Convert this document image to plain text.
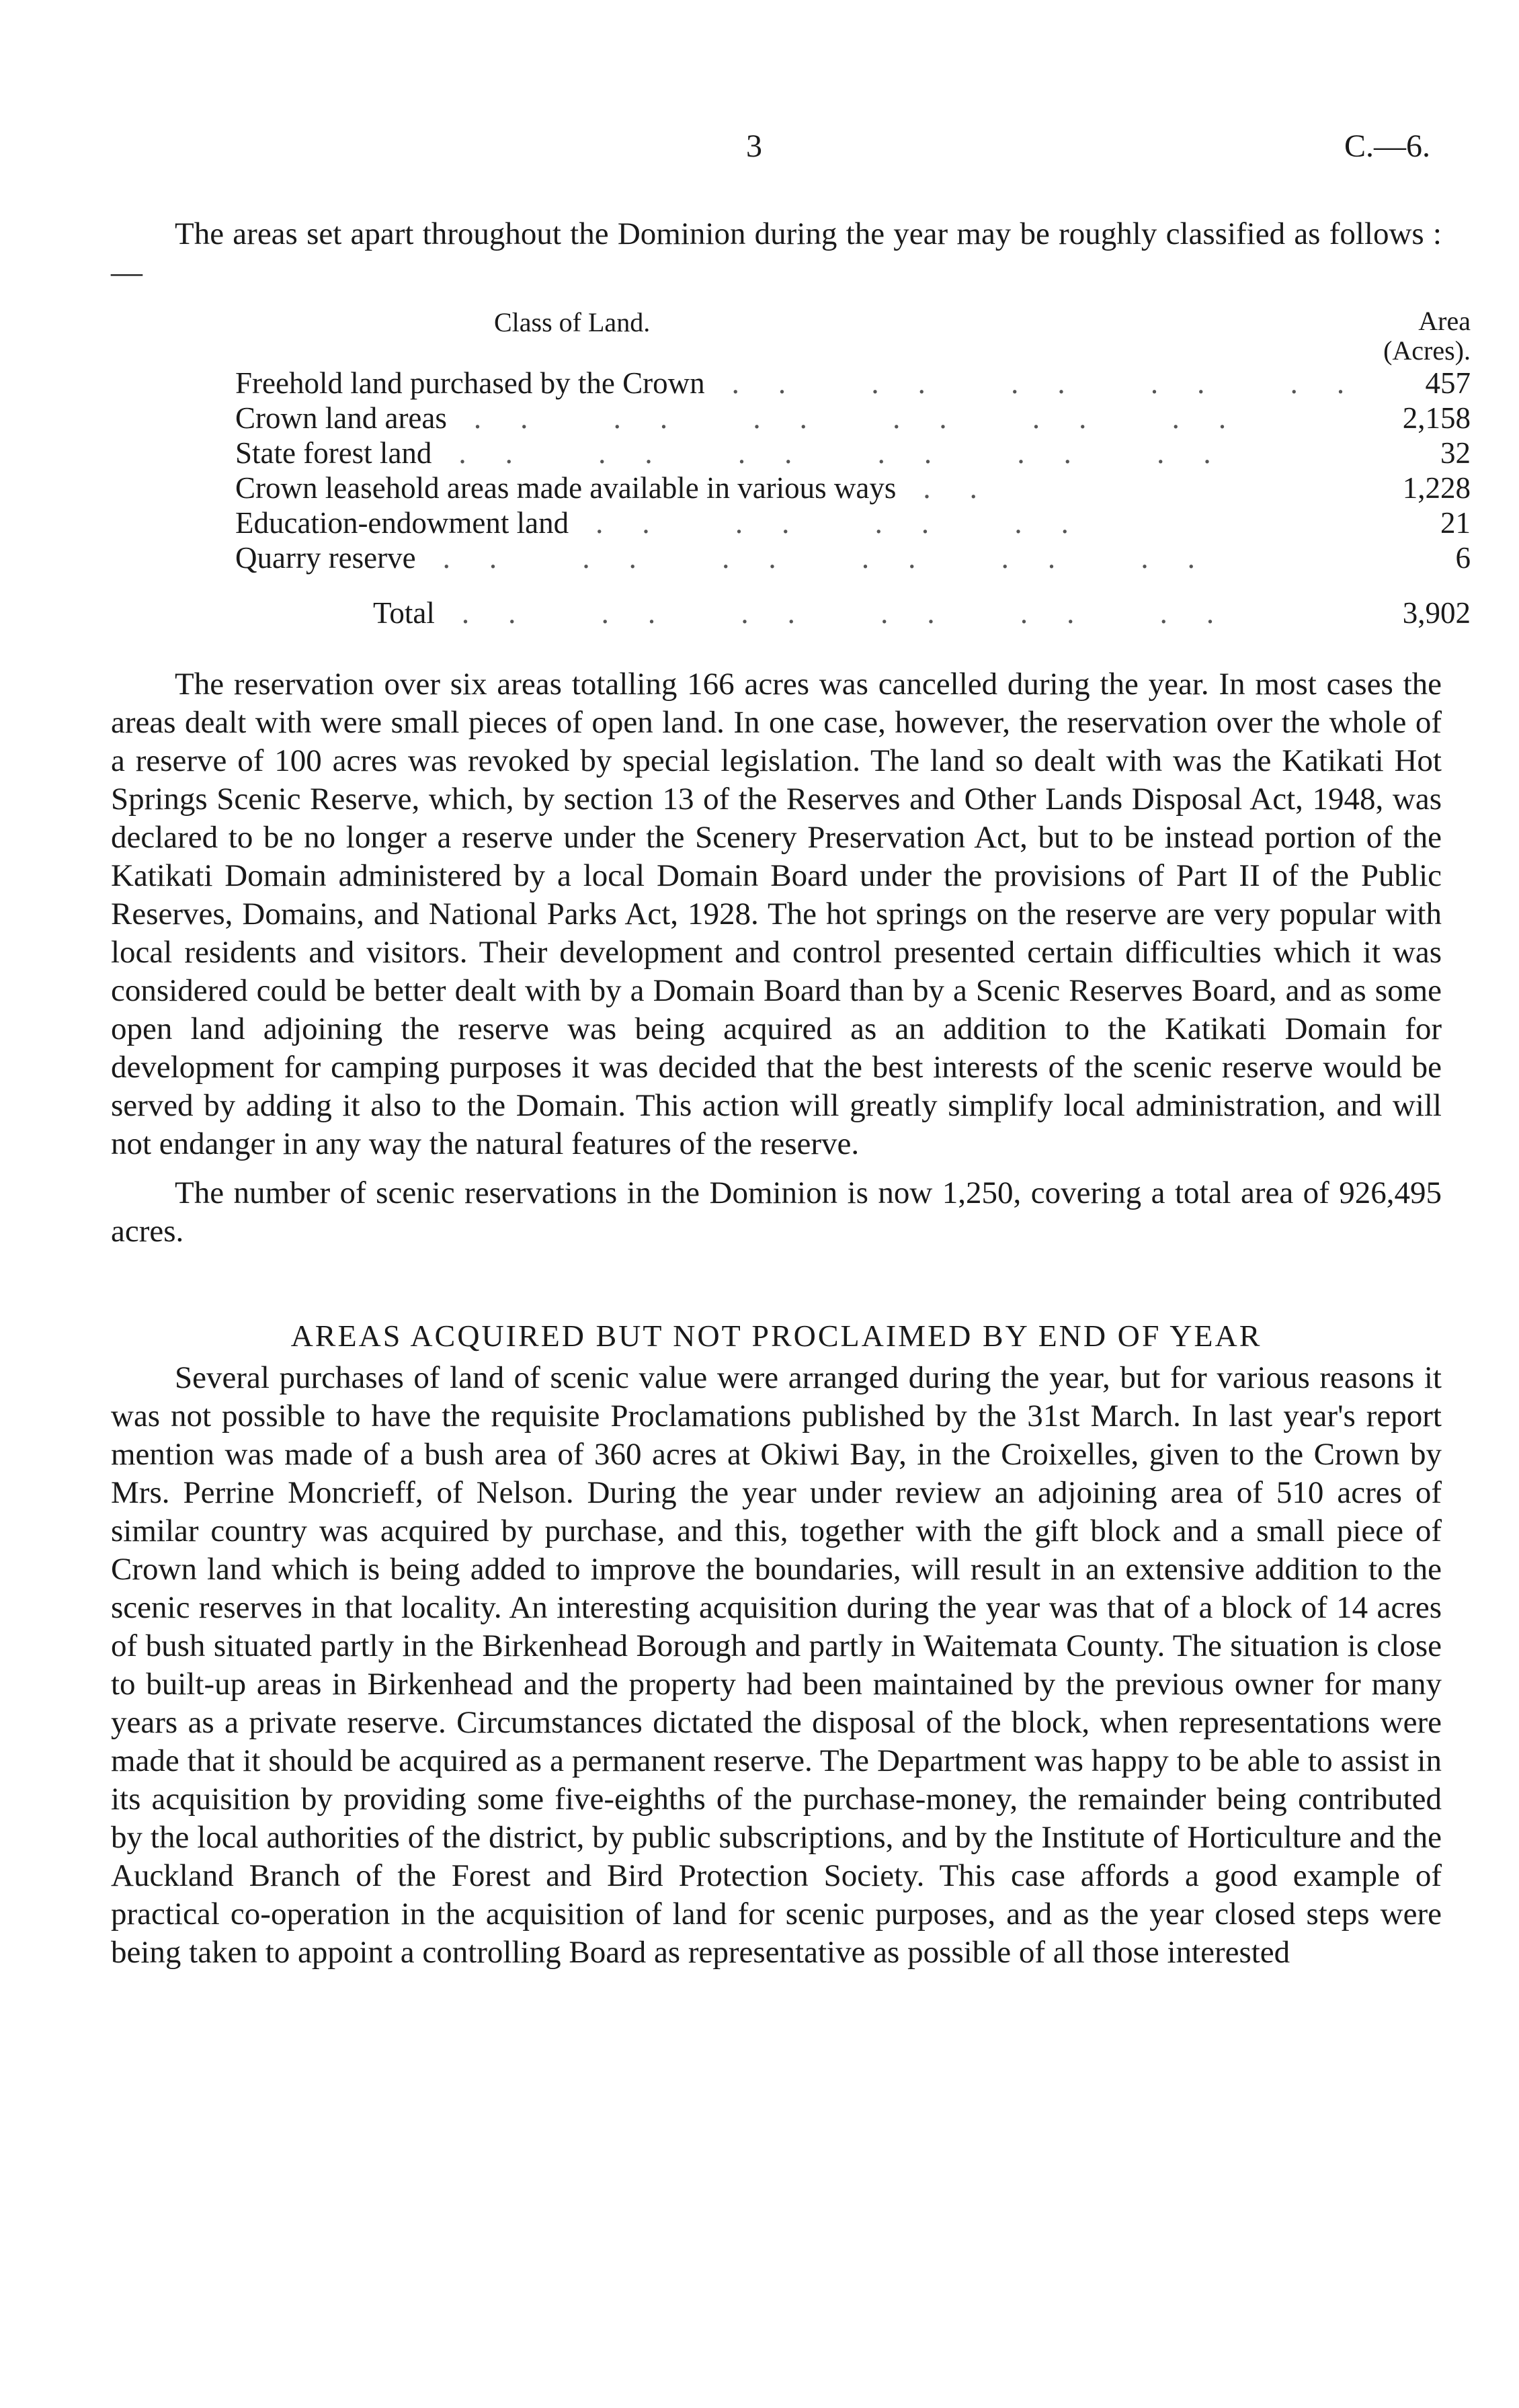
3	C.—6.

The areas set apart throughout the Dominion during the year may be roughly classified as follows :—

Class of Land.	Area (Acres).
Freehold land purchased by the Crown .. .. .. .. ..	457
Crown land areas .. .. .. .. .. ..	2,158
State forest land .. .. .. .. .. ..	32
Crown leasehold areas made available in various ways ..	1,228
Education-endowment land .. .. .. ..	21
Quarry reserve .. .. .. .. .. ..	6

Total .. .. .. .. .. ..	3,902

The reservation over six areas totalling 166 acres was cancelled during the year. In most cases the areas dealt with were small pieces of open land. In one case, however, the reservation over the whole of a reserve of 100 acres was revoked by special legislation. The land so dealt with was the Katikati Hot Springs Scenic Reserve, which, by section 13 of the Reserves and Other Lands Disposal Act, 1948, was declared to be no longer a reserve under the Scenery Preservation Act, but to be instead portion of the Katikati Domain administered by a local Domain Board under the provisions of Part II of the Public Reserves, Domains, and National Parks Act, 1928. The hot springs on the reserve are very popular with local residents and visitors. Their development and control presented certain difficulties which it was considered could be better dealt with by a Domain Board than by a Scenic Reserves Board, and as some open land adjoining the reserve was being acquired as an addition to the Katikati Domain for development for camping purposes it was decided that the best interests of the scenic reserve would be served by adding it also to the Domain. This action will greatly simplify local administration, and will not endanger in any way the natural features of the reserve.

The number of scenic reservations in the Dominion is now 1,250, covering a total area of 926,495 acres.

AREAS ACQUIRED BUT NOT PROCLAIMED BY END OF YEAR

Several purchases of land of scenic value were arranged during the year, but for various reasons it was not possible to have the requisite Proclamations published by the 31st March. In last year's report mention was made of a bush area of 360 acres at Okiwi Bay, in the Croixelles, given to the Crown by Mrs. Perrine Moncrieff, of Nelson. During the year under review an adjoining area of 510 acres of similar country was acquired by purchase, and this, together with the gift block and a small piece of Crown land which is being added to improve the boundaries, will result in an extensive addition to the scenic reserves in that locality. An interesting acquisition during the year was that of a block of 14 acres of bush situated partly in the Birkenhead Borough and partly in Waitemata County. The situation is close to built-up areas in Birkenhead and the property had been maintained by the previous owner for many years as a private reserve. Circumstances dictated the disposal of the block, when representations were made that it should be acquired as a permanent reserve. The Department was happy to be able to assist in its acquisition by providing some five-eighths of the purchase-money, the remainder being contributed by the local authorities of the district, by public subscriptions, and by the Institute of Horticulture and the Auckland Branch of the Forest and Bird Protection Society. This case affords a good example of practical co-operation in the acquisition of land for scenic purposes, and as the year closed steps were being taken to appoint a controlling Board as representative as possible of all those interested
